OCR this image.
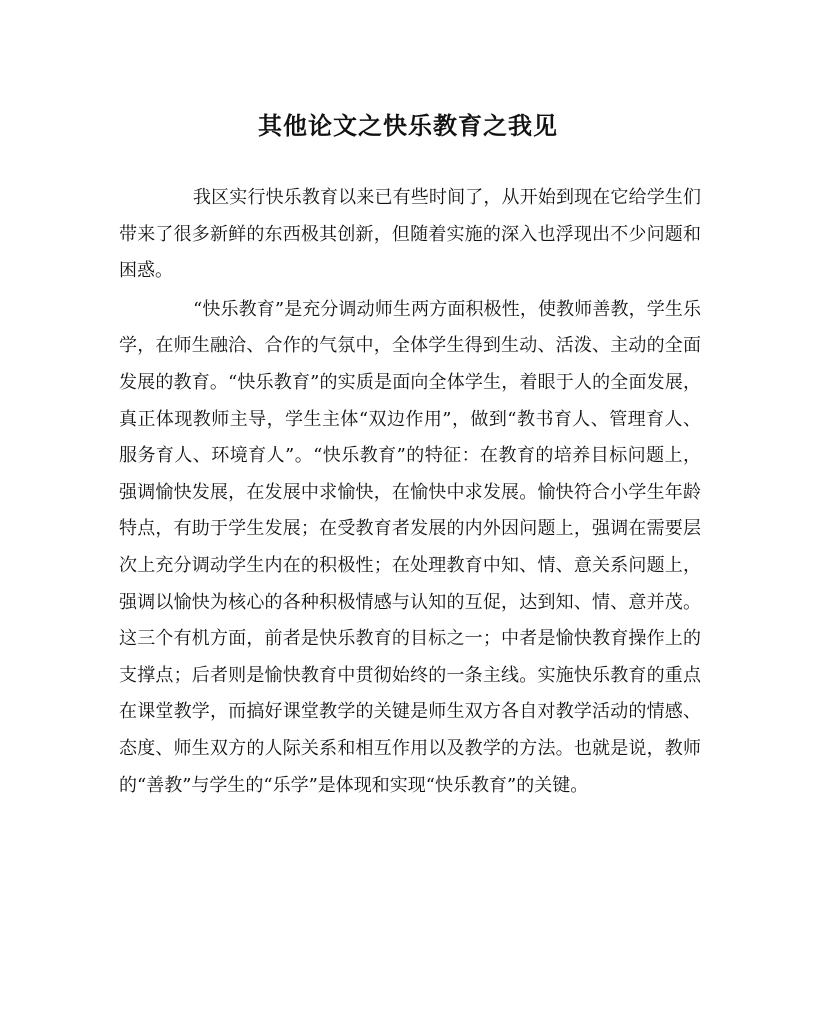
其他论文之快乐教育之我见

我区实行快乐教育以来已有些时间了，从开始到现在它给学生们带来了很多新鲜的东西极其创新，但随着实施的深入也浮现出不少问题和困惑。

“快乐教育”是充分调动师生两方面积极性，使教师善教，学生乐学，在师生融洽、合作的气氛中，全体学生得到生动、活泼、主动的全面发展的教育。“快乐教育”的实质是面向全体学生，着眼于人的全面发展，真正体现教师主导，学生主体“双边作用”，做到“教书育人、管理育人、服务育人、环境育人”。“快乐教育”的特征：在教育的培养目标问题上，强调愉快发展，在发展中求愉快，在愉快中求发展。愉快符合小学生年龄特点，有助于学生发展；在受教育者发展的内外因问题上，强调在需要层次上充分调动学生内在的积极性；在处理教育中知、情、意关系问题上，强调以愉快为核心的各种积极情感与认知的互促，达到知、情、意并茂。这三个有机方面，前者是快乐教育的目标之一；中者是愉快教育操作上的支撑点；后者则是愉快教育中贯彻始终的一条主线。实施快乐教育的重点在课堂教学，而搞好课堂教学的关键是师生双方各自对教学活动的情感、态度、师生双方的人际关系和相互作用以及教学的方法。也就是说，教师的“善教”与学生的“乐学”是体现和实现“快乐教育”的关键。
